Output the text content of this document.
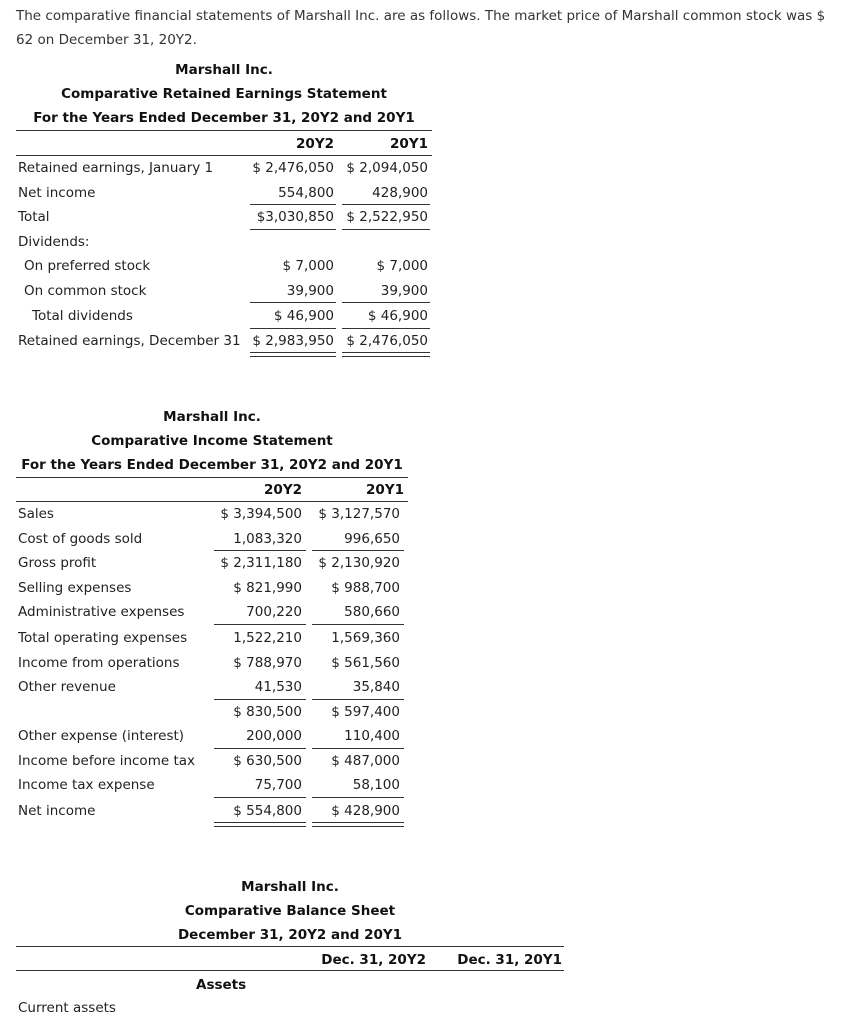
The comparative financial statements of Marshall Inc. are as follows. The market price of Marshall common stock was $ 62 on December 31, 20Y2.
Marshall Inc.
Comparative Retained Earnings Statement
For the Years Ended December 31, 20Y2 and 20Y1
20Y2	20Y1
Retained earnings, January 1	$ 2,476,050 $ 2,094,050
Net income	554,800	428,900
Total	$3,030,850 $ 2,522,950
Dividends:
On preferred stock	$ 7,000	$ 7,000
On common stock	39,900	39,900
Total dividends	$ 46,900	$ 46,900
Retained earnings, December 31 $ 2,983,950 $ 2,476,050
Marshall Inc.
Comparative Income Statement
For the Years Ended December 31, 20Y2 and 20Y1
20Y2	20Y1
Sales	$ 3,394,500	$ 3,127,570
Cost of goods sold	1,083,320	996,650
Gross profit	$ 2,311,180	$ 2,130,920
Selling expenses	$ 821,990	$ 988,700
Administrative expenses	700,220	580,660
Total operating expenses	1,522,210	1,569,360
Income from operations	$ 788,970	$ 561,560
Other revenue	41,530	35,840
$ 830,500	$ 597,400
Other expense (interest)	200,000	110,400
Income before income tax	$ 630,500	$ 487,000
Income tax expense	75,700	58,100
Net income	$ 554,800	$ 428,900
Marshall Inc.
Comparative Balance Sheet
December 31, 20Y2 and 20Y1
Dec. 31, 20Y2	Dec. 31, 20Y1
Assets
Current assets
